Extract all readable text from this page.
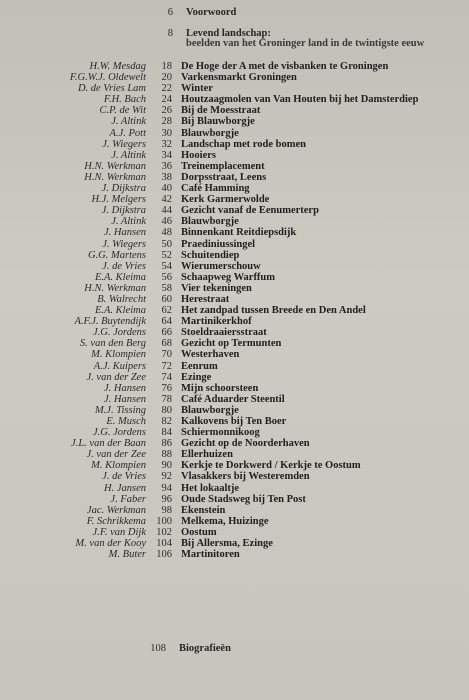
6 Voorwoord
8 Levend landschap:
beelden van het Groninger land in de twintigste eeuw
H.W. Mesdag	18 De Hoge der A met de visbanken te Groningen
F.G.W.J. Oldewelt	20 Varkensmarkt Groningen
D. de Vries Lam	22 Winter
F.H. Bach	24 Houtzaagmolen van Van Houten bij het Damsterdiep
C.P. de Wit	26 Bij de Moesstraat
J. Altink	28 Bij Blauwborgje
A.J. Pott	30 Blauwborgje
J. Wiegers	32 Landschap met rode bomen
J. Altink	34 Hooiers
H.N. Werkman	36 Treinemplacement
H.N. Werkman	38 Dorpsstraat, Leens
J. Dijkstra	40 Café Hamming
H.J. Melgers	42 Kerk Garmerwolde
J. Dijkstra	44 Gezicht vanaf de Eenumerterp
J. Altink	46 Blauwborgje
J. Hansen	48 Binnenkant Reitdiepsdijk
J. Wiegers	50 Praediniussingel
G.G. Martens	52 Schuitendiep
J. de Vries	54 Wierumerschouw
E.A. Kleima	56 Schaapweg Warffum
H.N. Werkman	58 Vier tekeningen
B. Walrecht	60 Herestraat
E.A. Kleima	62 Het zandpad tussen Breede en Den Andel
A.F.J. Buytendijk	64 Martinikerkhof
J.G. Jordens	66 Stoeldraaiersstraat
S. van den Berg	68 Gezicht op Termunten
M. Klompien	70 Westerhaven
A.J. Kuipers	72 Eenrum
J. van der Zee	74 Ezinge
J. Hansen	76 Mijn schoorsteen
J. Hansen	78 Café Aduarder Steentil
M.J. Tissing	80 Blauwborgje
E. Musch	82 Kalkovens bij Ten Boer
J.G. Jordens	84 Schiermonnikoog
J.L. van der Baan	86 Gezicht op de Noorderhaven
J. van der Zee	88 Ellerhuizen
M. Klompien	90 Kerkje te Dorkwerd / Kerkje te Oostum
J. de Vries	92 Vlasakkers bij Westeremden
H. Jansen	94 Het lokaaltje
J. Faber	96 Oude Stadsweg bij Ten Post
Jac. Werkman	98 Ekenstein
F. Schrikkema 100 Melkema, Huizinge
J.F. van Dijk 102 Oostum
M. van der Kooy 104 Bij Allersma, Ezinge
M. Buter 106 Martinitoren
108 Biografieën
